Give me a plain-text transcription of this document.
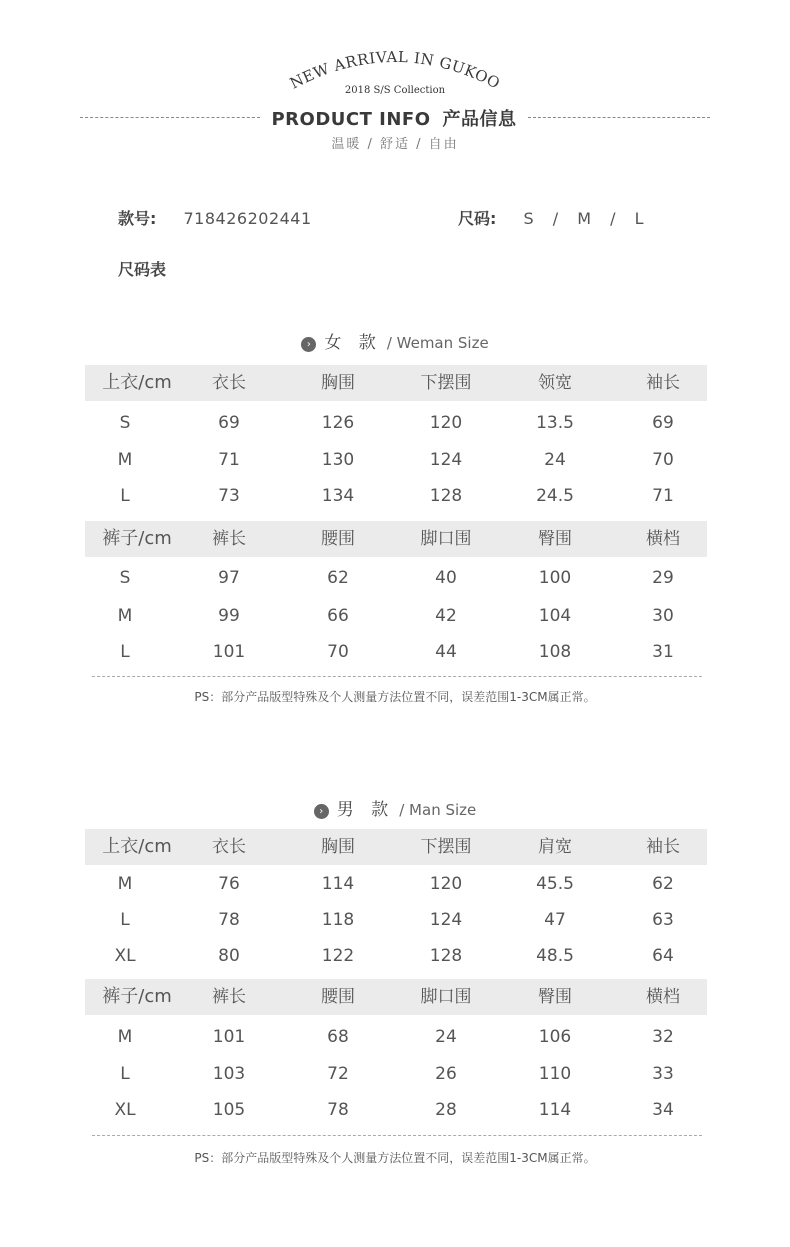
NEW ARRIVAL IN GUKOO
2018 S/S Collection
PRODUCT INFO 产品信息
温暖 / 舒适 / 自由
款号: 718426202441	尺码: S / M / L
尺码表
› 女 款 / Weman Size
上衣/cm	衣长	胸围	下摆围	领宽	袖长
S	69	126	120	13.5	69
M	71	130	124	24	70
L	73	134	128	24.5	71
裤子/cm	裤长	腰围	脚口围	臀围	横档
S	97	62	40	100	29
M	99	66	42	104	30
L	101	70	44	108	31
PS：部分产品版型特殊及个人测量方法位置不同，误差范围1-3CM属正常。
› 男 款 / Man Size
上衣/cm	衣长	胸围	下摆围	肩宽	袖长
M	76	114	120	45.5	62
L	78	118	124	47	63
XL	80	122	128	48.5	64
裤子/cm	裤长	腰围	脚口围	臀围	横档
M	101	68	24	106	32
L	103	72	26	110	33
XL	105	78	28	114	34
PS：部分产品版型特殊及个人测量方法位置不同，误差范围1-3CM属正常。
